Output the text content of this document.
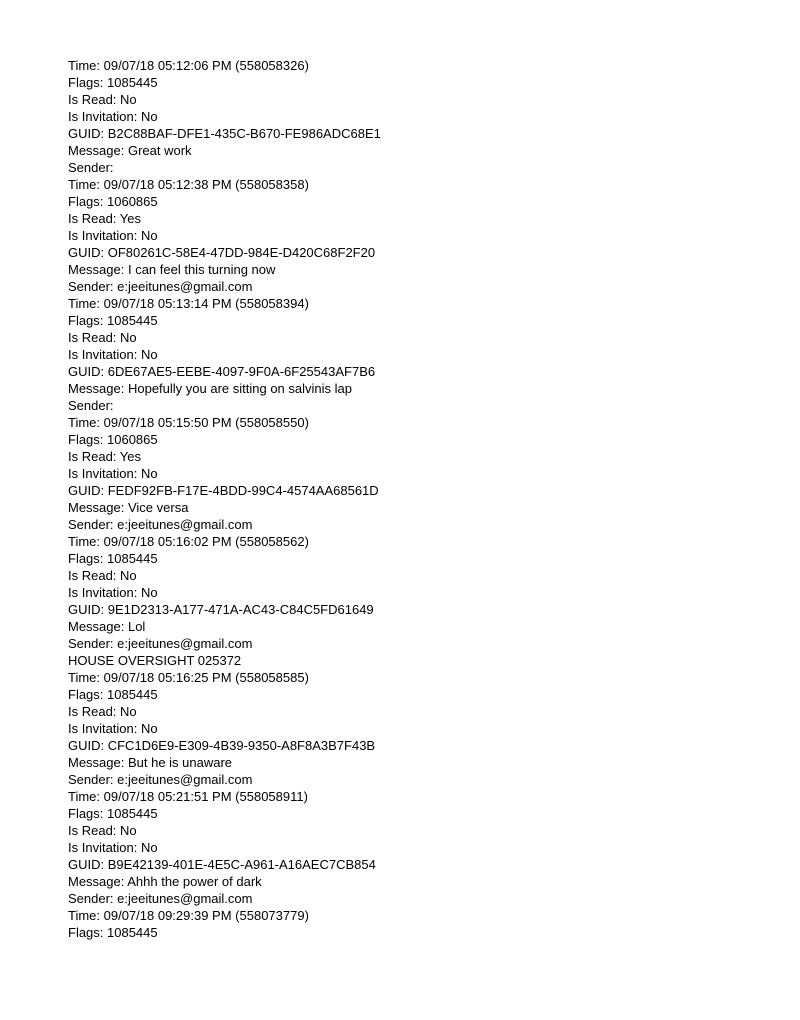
Time: 09/07/18 05:12:06 PM (558058326)
Flags: 1085445
Is Read: No
Is Invitation: No
GUID: B2C88BAF-DFE1-435C-B670-FE986ADC68E1
Message: Great work
Sender:
Time: 09/07/18 05:12:38 PM (558058358)
Flags: 1060865
Is Read: Yes
Is Invitation: No
GUID: OF80261C-58E4-47DD-984E-D420C68F2F20
Message: I can feel this turning now
Sender: e:jeeitunes@gmail.com
Time: 09/07/18 05:13:14 PM (558058394)
Flags: 1085445
Is Read: No
Is Invitation: No
GUID: 6DE67AE5-EEBE-4097-9F0A-6F25543AF7B6
Message: Hopefully you are sitting on salvinis lap
Sender:
Time: 09/07/18 05:15:50 PM (558058550)
Flags: 1060865
Is Read: Yes
Is Invitation: No
GUID: FEDF92FB-F17E-4BDD-99C4-4574AA68561D
Message: Vice versa
Sender: e:jeeitunes@gmail.com
Time: 09/07/18 05:16:02 PM (558058562)
Flags: 1085445
Is Read: No
Is Invitation: No
GUID: 9E1D2313-A177-471A-AC43-C84C5FD61649
Message: Lol
Sender: e:jeeitunes@gmail.com
HOUSE OVERSIGHT 025372
Time: 09/07/18 05:16:25 PM (558058585)
Flags: 1085445
Is Read: No
Is Invitation: No
GUID: CFC1D6E9-E309-4B39-9350-A8F8A3B7F43B
Message: But he is unaware
Sender: e:jeeitunes@gmail.com
Time: 09/07/18 05:21:51 PM (558058911)
Flags: 1085445
Is Read: No
Is Invitation: No
GUID: B9E42139-401E-4E5C-A961-A16AEC7CB854
Message: Ahhh the power of dark
Sender: e:jeeitunes@gmail.com
Time: 09/07/18 09:29:39 PM (558073779)
Flags: 1085445
